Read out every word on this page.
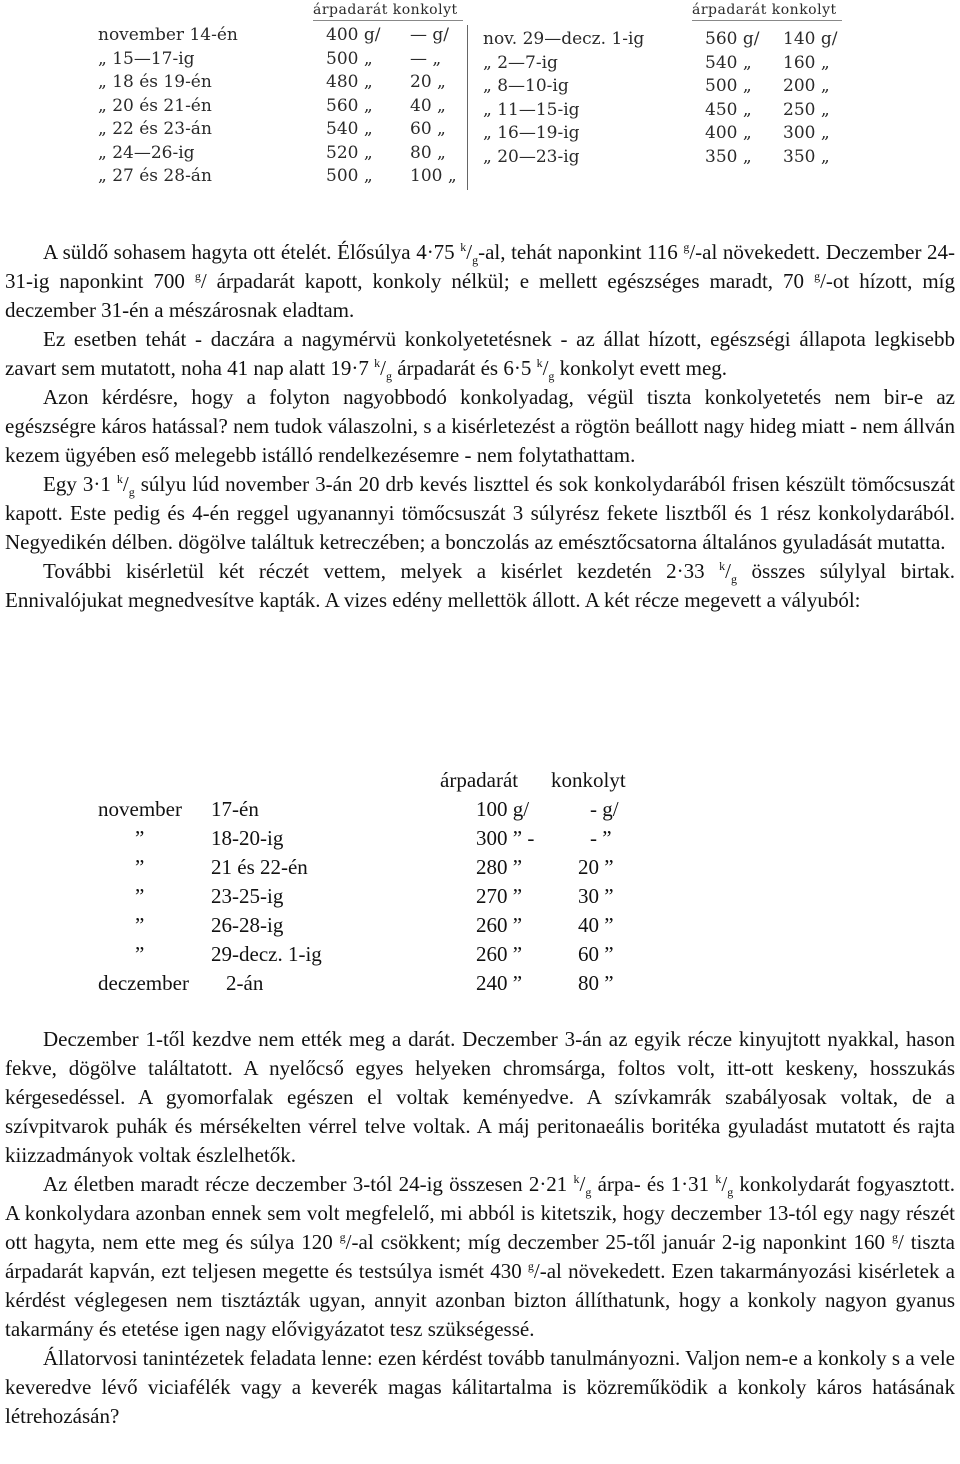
árpadarát konkolyt	árpadarát konkolyt
november 14-én	400 g/ — g/
„ 15—17-ig	500 „ — „
„ 18 és 19-én	480 „ 20 „
„ 20 és 21-én	560 „ 40 „
„ 22 és 23-án	540 „ 60 „
„ 24—26-ig	520 „ 80 „
„ 27 és 28-án	500 „ 100 „
nov. 29—decz. 1-ig	560 g/ 140 g/
„ 2—7-ig	540 „ 160 „
„ 8—10-ig	500 „ 200 „
„ 11—15-ig	450 „ 250 „
„ 16—19-ig	400 „ 300 „
„ 20—23-ig	350 „ 350 „

A süldő sohasem hagyta ott ételét. Élősúlya 4·75 $^k/_g-al$, tehát naponkint 116 $^g$/-al növekedett. Deczember 24-31-ig naponkint 700 $^g$/ árpadarát kapott, konkoly nélkül; e mellett egészséges maradt, 70 $^g$/-ot hízott, míg deczember 31-én a mészárosnak eladtam.

Ez esetben tehát - daczára a nagymérvü konkolyetetésnek - az állat hízott, egészségi állapota legkisebb zavart sem mutatott, noha 41 nap alatt 19·7 $^k/_g$ árpadarát és 6·5 $^k/_g$ konkolyt evett meg.

Azon kérdésre, hogy a folyton nagyobbodó konkolyadag, végül tiszta konkolyetetés nem bir-e az egészségre káros hatással? nem tudok válaszolni, s a kisérletezést a rögtön beállott nagy hideg miatt - nem állván kezem ügyében eső melegebb istálló rendelkezésemre - nem folytathattam.

Egy 3·1 $^k/_g$ súlyu lúd november 3-án 20 drb kevés liszttel és sok konkolydarából frisen készült tömőcsuszát kapott. Este pedig és 4-én reggel ugyanannyi tömőcsuszát 3 súlyrész fekete lisztből és 1 rész konkolydarából. Negyedikén délben. dögölve találtuk ketreczében; a bonczolás az emésztőcsatorna általános gyuladását mutatta.

További kisérletül két réczét vettem, melyek a kisérlet kezdetén 2·33 $^k/_g$ összes súlylyal birtak. Ennivalójukat megnedvesítve kapták. A vizes edény mellettök állott. A két récze megevett a vályuból:

árpadarát konkolyt
november 17-én	100 g/	- g/
”	18-20-ig	300 ” -	- ”
”	21 és 22-én	280 ”	20 ”
”	23-25-ig	270 ”	30 ”
”	26-28-ig	260 ”	40 ”
”	29-decz. 1-ig	260 ”	60 ”
deczember 2-án	240 ”	80 ”

Deczember 1-től kezdve nem ették meg a darát. Deczember 3-án az egyik récze kinyujtott nyakkal, hason fekve, dögölve találtatott. A nyelőcső egyes helyeken chromsárga, foltos volt, itt-ott keskeny, hosszukás kérgesedéssel. A gyomorfalak egészen el voltak keményedve. A szívkamrák szabályosak voltak, de a szívpitvarok puhák és mérsékelten vérrel telve voltak. A máj peritonaeális boritéka gyuladást mutatott és rajta kiizzadmányok voltak észlelhetők.

Az életben maradt récze deczember 3-tól 24-ig összesen 2·21 $^k/_g$ árpa- és 1·31 $^k/_g$ konkolydarát fogyasztott. A konkolydara azonban ennek sem volt megfelelő, mi abból is kitetszik, hogy deczember 13-tól egy nagy részét ott hagyta, nem ette meg és súlya 120 $^g$/-al csökkent; míg deczember 25-től január 2-ig naponkint 160 $^g$/ tiszta árpadarát kapván, ezt teljesen megette és testsúlya ismét 430 $^g$/-al növekedett. Ezen takarmányozási kisérletek a kérdést véglegesen nem tisztázták ugyan, annyit azonban bizton állíthatunk, hogy a konkoly nagyon gyanus takarmány és etetése igen nagy elővigyázatot tesz szükségessé.

Állatorvosi tanintézetek feladata lenne: ezen kérdést tovább tanulmányozni. Valjon nem-e a konkoly s a vele keveredve lévő viciafélék vagy a keverék magas kálitartalma is közreműködik a konkoly káros hatásának létrehozásán?
